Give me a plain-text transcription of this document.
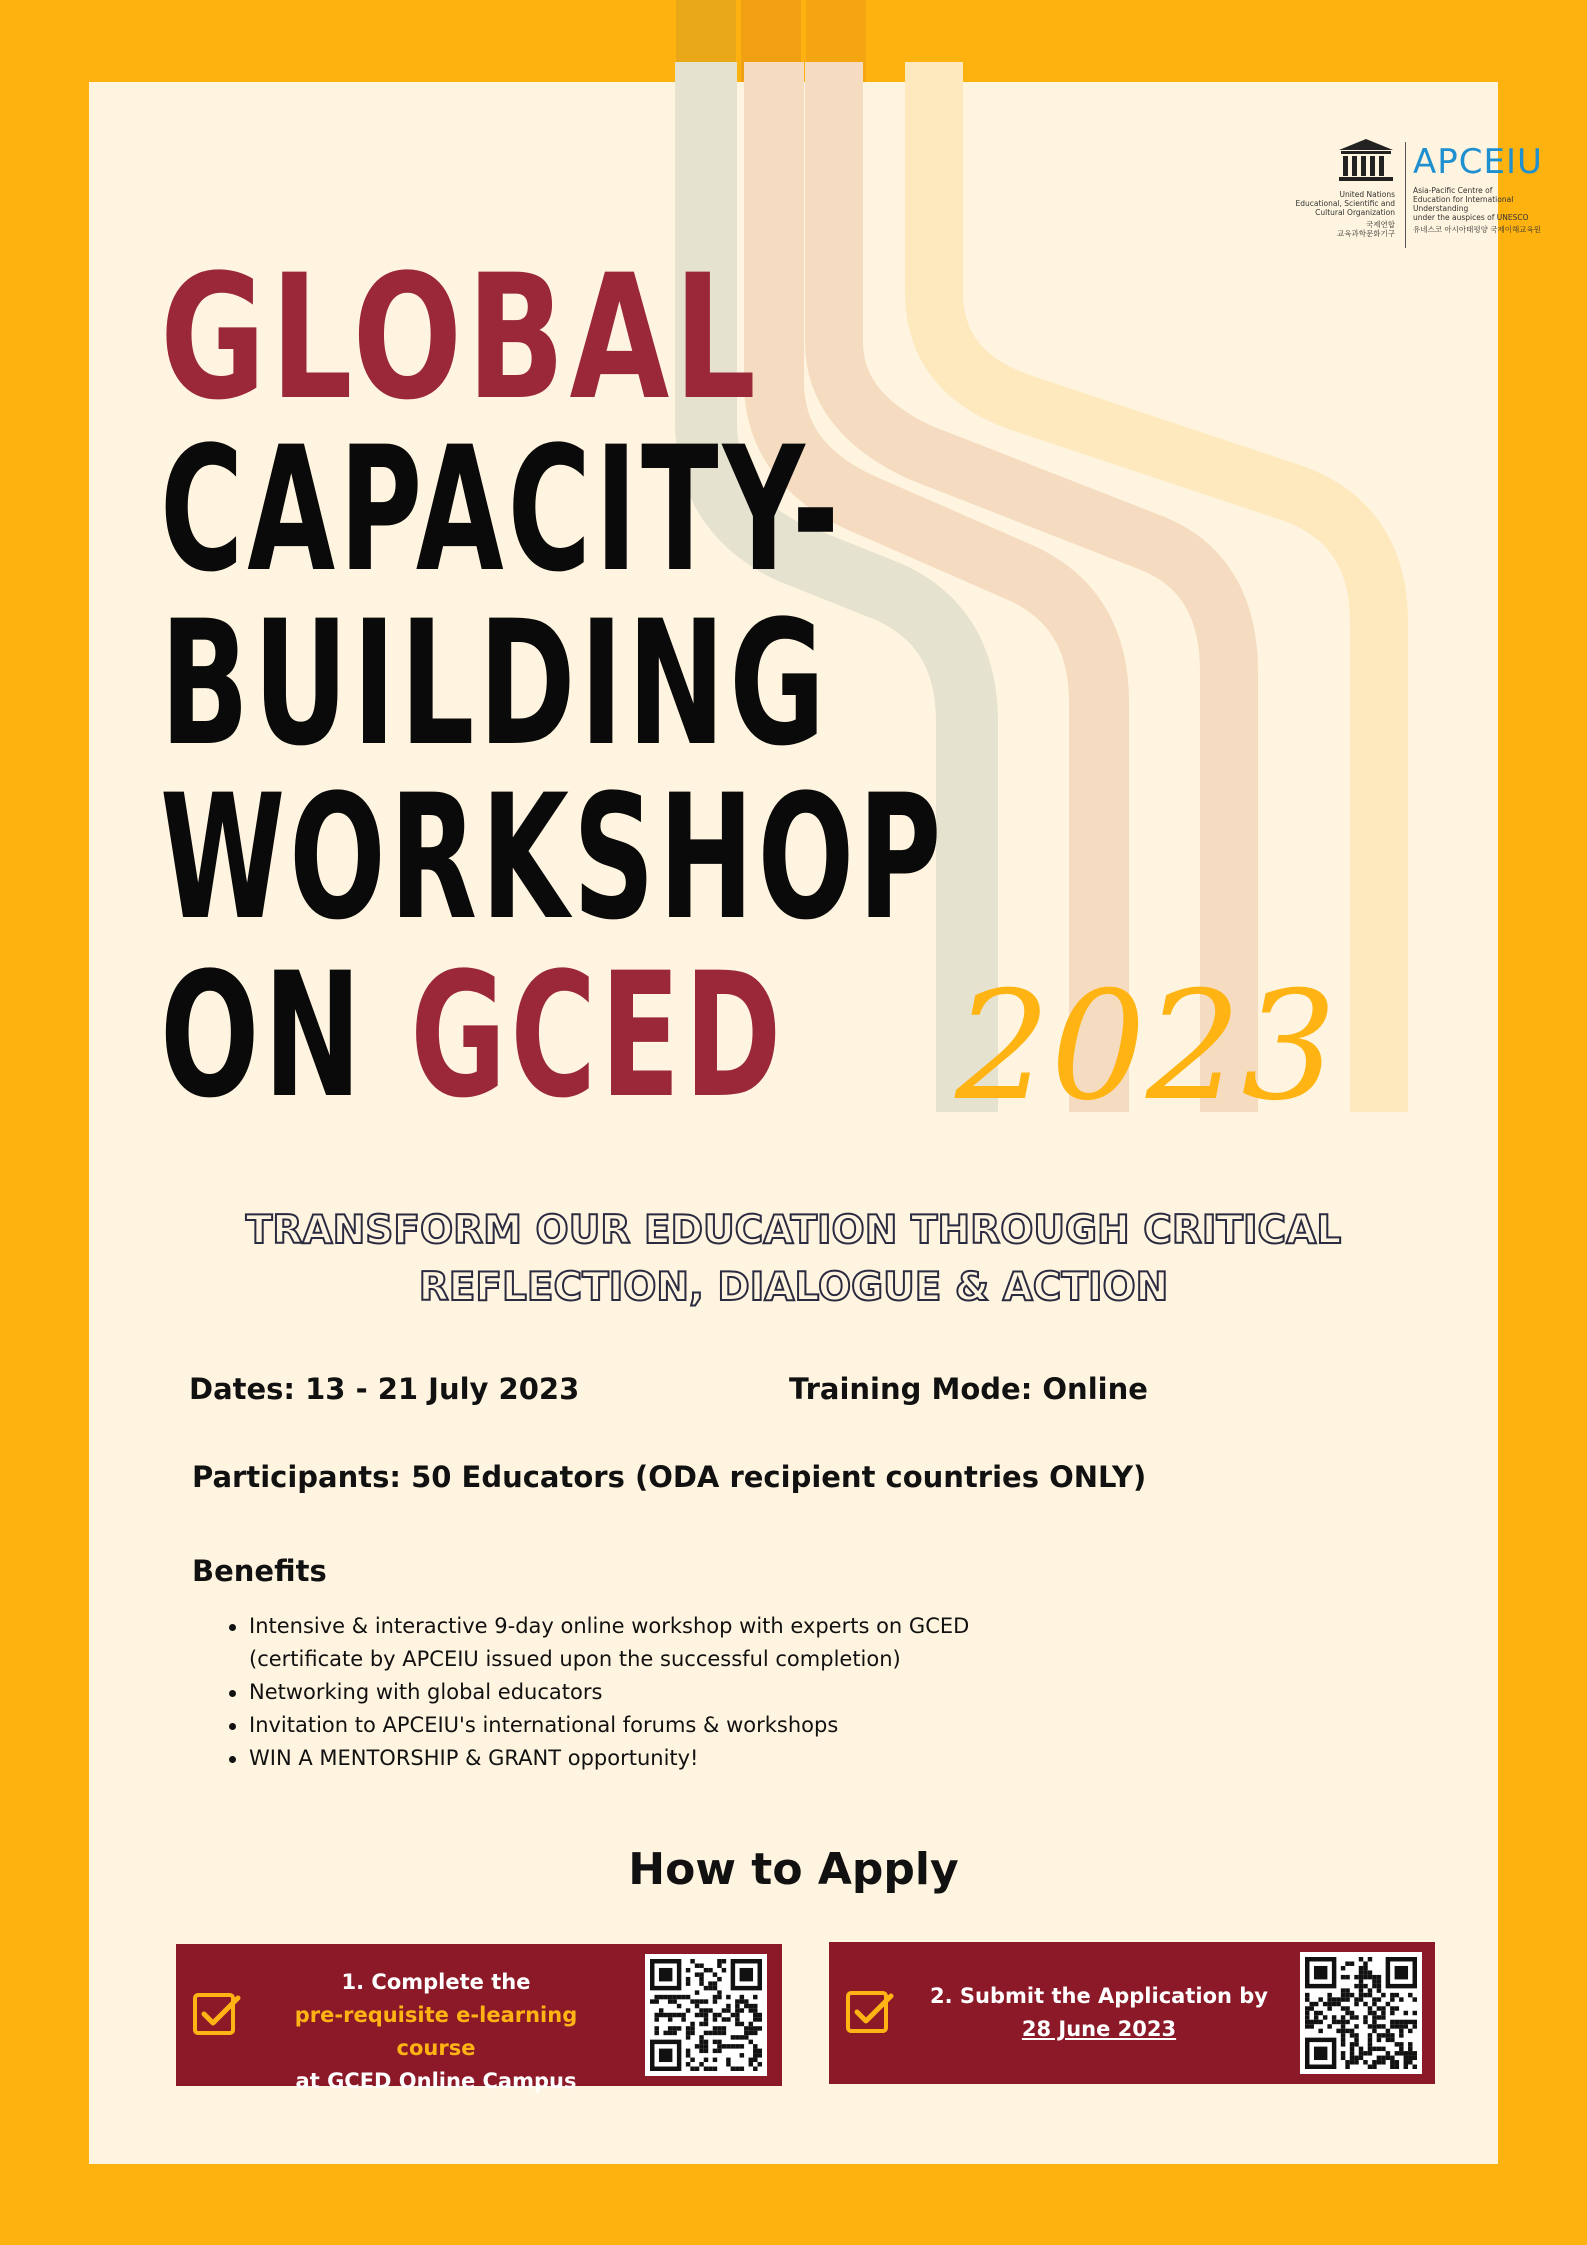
United Nations
Educational, Scientific and
Cultural Organization
국제연합
교육과학문화기구
APCEIU
Asia-Pacific Centre of
Education for International Understanding
under the auspices of UNESCO
유네스코 아시아태평양 국제이해교육원
GLOBAL
CAPACITY-
BUILDING
WORKSHOP
ON GCED 2023
TRANSFORM OUR EDUCATION THROUGH CRITICAL
REFLECTION, DIALOGUE & ACTION
Dates: 13 - 21 July 2023	Training Mode: Online
Participants: 50 Educators (ODA recipient countries ONLY)
Benefits
Intensive & interactive 9-day online workshop with experts on GCED
(certificate by APCEIU issued upon the successful completion)
Networking with global educators
Invitation to APCEIU's international forums & workshops
WIN A MENTORSHIP & GRANT opportunity!
How to Apply
1. Complete the
pre-requisite e-learning course
at GCED Online Campus
2. Submit the Application by
28 June 2023
